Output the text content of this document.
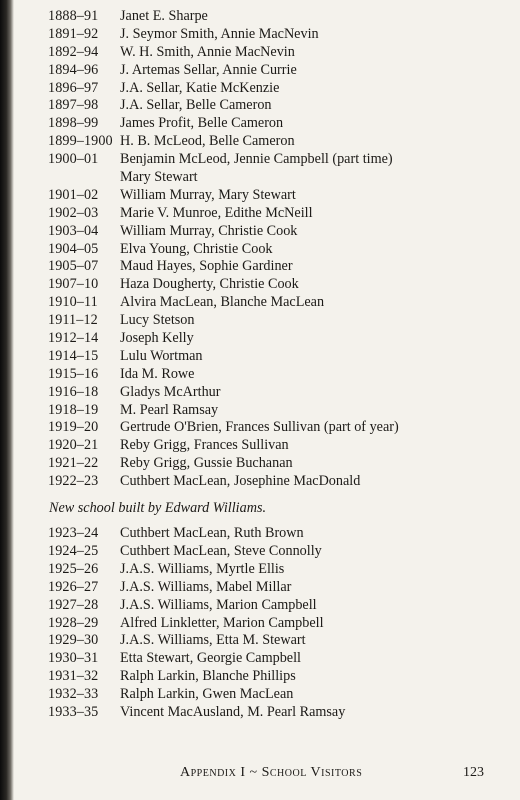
1888–91	Janet E. Sharpe
1891–92	J. Seymor Smith, Annie MacNevin
1892–94	W. H. Smith, Annie MacNevin
1894–96	J. Artemas Sellar, Annie Currie
1896–97	J.A. Sellar, Katie McKenzie
1897–98	J.A. Sellar, Belle Cameron
1898–99	James Profit, Belle Cameron
1899–1900 H. B. McLeod, Belle Cameron
1900–01	Benjamin McLeod, Jennie Campbell (part time)
Mary Stewart
1901–02	William Murray, Mary Stewart
1902–03	Marie V. Munroe, Edithe McNeill
1903–04	William Murray, Christie Cook
1904–05	Elva Young, Christie Cook
1905–07	Maud Hayes, Sophie Gardiner
1907–10	Haza Dougherty, Christie Cook
1910–11	Alvira MacLean, Blanche MacLean
1911–12	Lucy Stetson
1912–14	Joseph Kelly
1914–15	Lulu Wortman
1915–16	Ida M. Rowe
1916–18	Gladys McArthur
1918–19	M. Pearl Ramsay
1919–20	Gertrude O'Brien, Frances Sullivan (part of year)
1920–21	Reby Grigg, Frances Sullivan
1921–22	Reby Grigg, Gussie Buchanan
1922–23	Cuthbert MacLean, Josephine MacDonald
New school built by Edward Williams.
1923–24	Cuthbert MacLean, Ruth Brown
1924–25	Cuthbert MacLean, Steve Connolly
1925–26	J.A.S. Williams, Myrtle Ellis
1926–27	J.A.S. Williams, Mabel Millar
1927–28	J.A.S. Williams, Marion Campbell
1928–29	Alfred Linkletter, Marion Campbell
1929–30	J.A.S. Williams, Etta M. Stewart
1930–31	Etta Stewart, Georgie Campbell
1931–32	Ralph Larkin, Blanche Phillips
1932–33	Ralph Larkin, Gwen MacLean
1933–35	Vincent MacAusland, M. Pearl Ramsay
Appendix I ~ School Visitors	123
